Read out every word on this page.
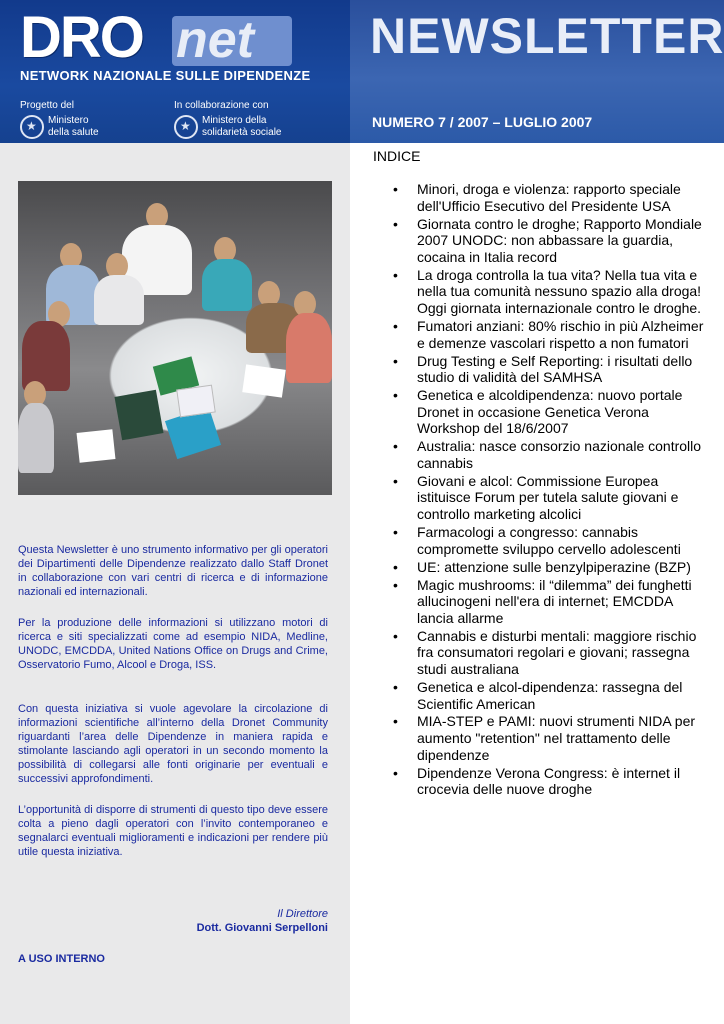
DRO net
NETWORK NAZIONALE SULLE DIPENDENZE
Progetto del
★
Ministero
della salute
In collaborazione con
★
Ministero della
solidarietà sociale
NEWSLETTER
NUMERO 7 / 2007 – LUGLIO 2007

Questa Newsletter è uno strumento informativo per gli operatori dei Dipartimenti delle Dipendenze realizzato dallo Staff Dronet in collaborazione con vari centri di ricerca e di informazione nazionali ed internazionali.

Per la produzione delle informazioni si utilizzano motori di ricerca e siti specializzati come ad esempio NIDA, Medline, UNODC, EMCDDA, United Nations Office on Drugs and Crime, Osservatorio Fumo, Alcool e Droga, ISS.

Con questa iniziativa si vuole agevolare la circolazione di informazioni scientifiche all’interno della Dronet Community riguardanti l’area delle Dipendenze in maniera rapida e stimolante lasciando agli operatori in un secondo momento la possibilità di collegarsi alle fonti originarie per eventuali e successivi approfondimenti.

L’opportunità di disporre di strumenti di questo tipo deve essere colta a pieno dagli operatori con l’invito contemporaneo e segnalarci eventuali miglioramenti e indicazioni per rendere più utile questa iniziativa.

Il Direttore
Dott. Giovanni Serpelloni
A USO INTERNO
INDICE
• Minori, droga e violenza: rapporto speciale dell'Ufficio Esecutivo del Presidente USA
• Giornata contro le droghe; Rapporto Mondiale 2007 UNODC: non abbassare la guardia, cocaina in Italia record
• La droga controlla la tua vita? Nella tua vita e nella tua comunità nessuno spazio alla droga! Oggi giornata internazionale contro le droghe.
• Fumatori anziani: 80% rischio in più Alzheimer e demenze vascolari rispetto a non fumatori
• Drug Testing e Self Reporting: i risultati dello studio di validità del SAMHSA
• Genetica e alcoldipendenza: nuovo portale Dronet in occasione Genetica Verona Workshop del 18/6/2007
• Australia: nasce consorzio nazionale controllo cannabis
• Giovani e alcol: Commissione Europea istituisce Forum per tutela salute giovani e controllo marketing alcolici
• Farmacologi a congresso: cannabis compromette sviluppo cervello adolescenti
• UE: attenzione sulle benzylpiperazine (BZP)
• Magic mushrooms: il “dilemma” dei funghetti allucinogeni nell'era di internet; EMCDDA lancia allarme
• Cannabis e disturbi mentali: maggiore rischio fra consumatori regolari e giovani; rassegna studi australiana
• Genetica e alcol-dipendenza: rassegna del Scientific American
• MIA-STEP e PAMI: nuovi strumenti NIDA per aumento "retention" nel trattamento delle dipendenze
• Dipendenze Verona Congress: è internet il crocevia delle nuove droghe
